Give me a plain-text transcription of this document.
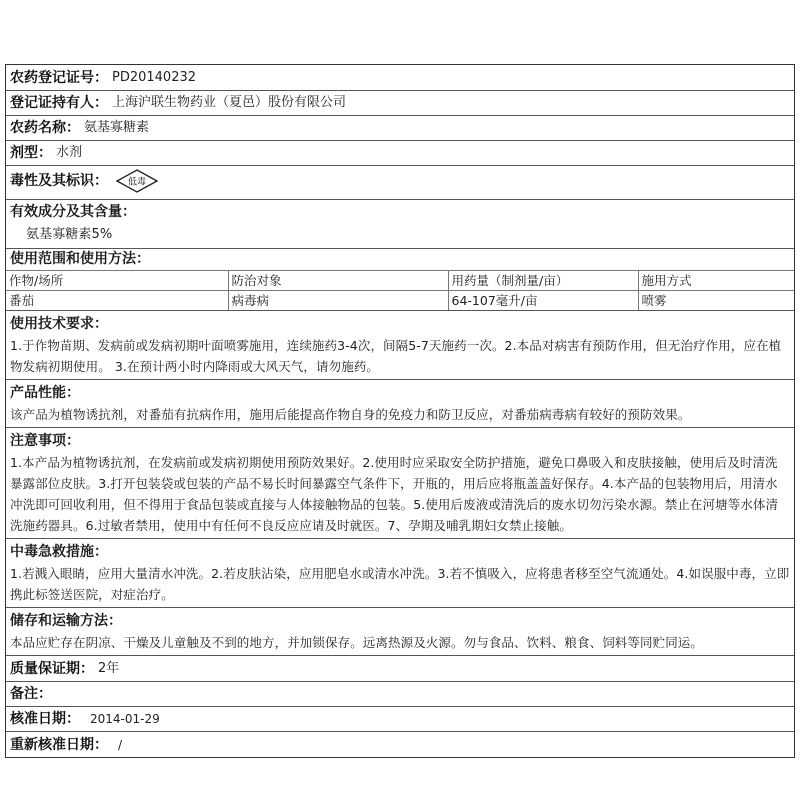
农药登记证号： PD20140232
登记证持有人： 上海沪联生物药业（夏邑）股份有限公司
农药名称： 氨基寡糖素
剂型： 水剂
毒性及其标识： 低毒
有效成分及其含量：
氨基寡糖素5%
使用范围和使用方法：
作物/场所	防治对象	用药量（制剂量/亩）	施用方式
番茄	病毒病	64-107毫升/亩	喷雾
使用技术要求：
1.于作物苗期、发病前或发病初期叶面喷雾施用，连续施药3-4次，间隔5-7天施药一次。2.本品对病害有预防作用，但无治疗作用，应在植物发病初期使用。 3.在预计两小时内降雨或大风天气，请勿施药。
产品性能：
该产品为植物诱抗剂，对番茄有抗病作用，施用后能提高作物自身的免疫力和防卫反应，对番茄病毒病有较好的预防效果。
注意事项：
1.本产品为植物诱抗剂，在发病前或发病初期使用预防效果好。2.使用时应采取安全防护措施，避免口鼻吸入和皮肤接触，使用后及时清洗暴露部位皮肤。3.打开包装袋或包装的产品不易长时间暴露空气条件下，开瓶的，用后应将瓶盖盖好保存。4.本产品的包装物用后，用清水冲洗即可回收利用，但不得用于食品包装或直接与人体接触物品的包装。5.使用后废液或清洗后的废水切勿污染水源。禁止在河塘等水体清洗施药器具。6.过敏者禁用，使用中有任何不良反应应请及时就医。7、孕期及哺乳期妇女禁止接触。
中毒急救措施：
1.若溅入眼睛，应用大量清水冲洗。2.若皮肤沾染，应用肥皂水或清水冲洗。3.若不慎吸入，应将患者移至空气流通处。4.如误服中毒，立即携此标签送医院，对症治疗。
储存和运输方法：
本品应贮存在阴凉、干燥及儿童触及不到的地方，并加锁保存。远离热源及火源。勿与食品、饮料、粮食、饲料等同贮同运。
质量保证期： 2年
备注：
核准日期： 2014-01-29
重新核准日期： /
